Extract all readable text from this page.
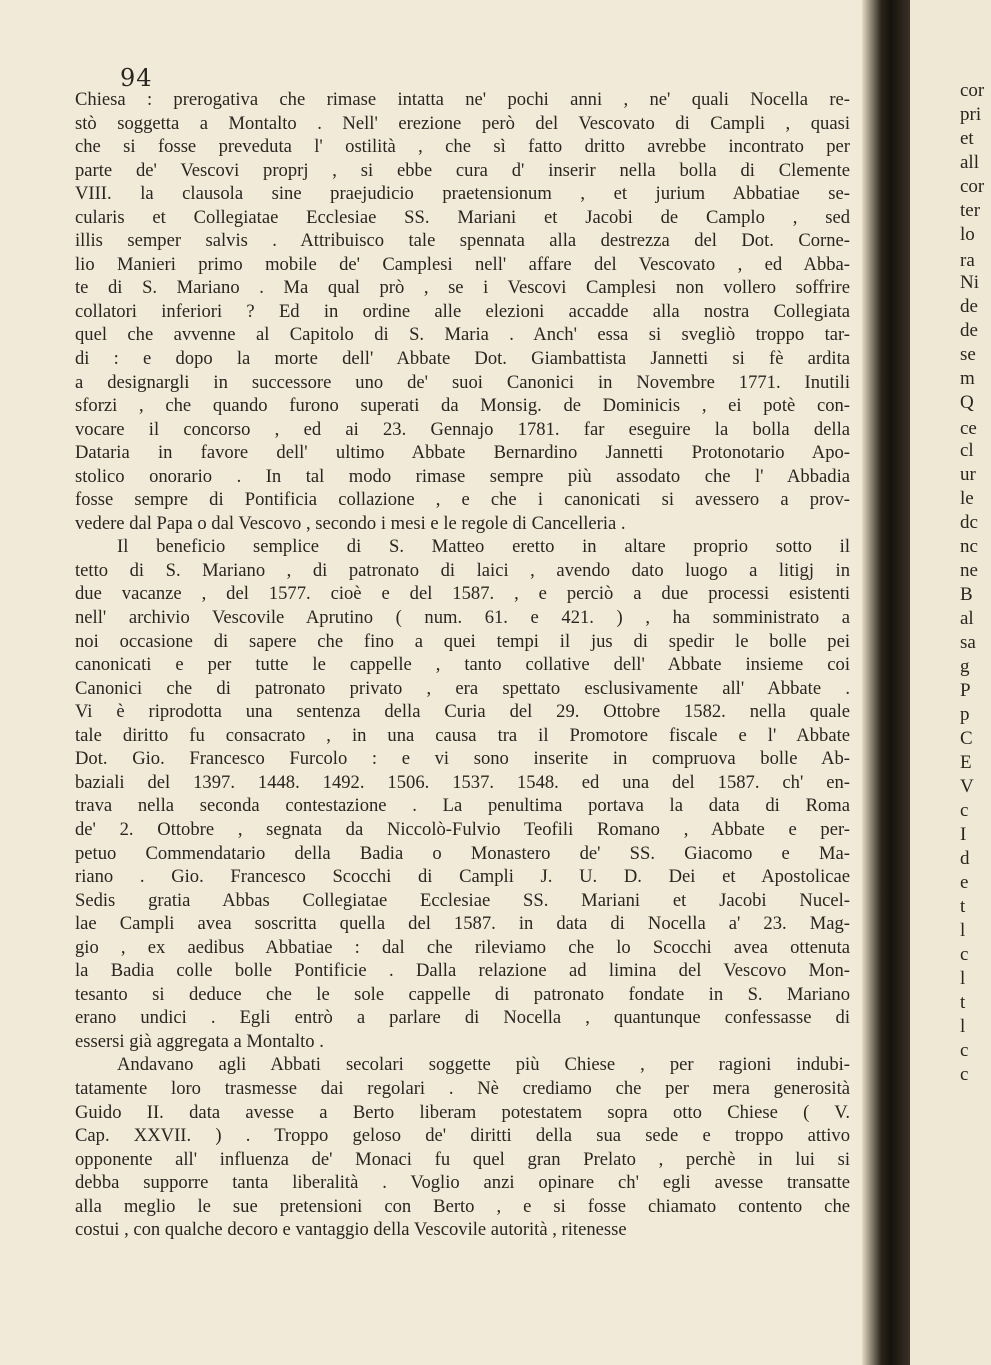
94
Chiesa : prerogativa che rimase intatta ne' pochi anni , ne' quali Nocella re-
stò soggetta a Montalto . Nell' erezione però del Vescovato di Campli , quasi
che si fosse preveduta l' ostilità , che sì fatto dritto avrebbe incontrato per
parte de' Vescovi proprj , si ebbe cura d' inserir nella bolla di Clemente
VIII. la clausola sine praejudicio praetensionum , et jurium Abbatiae se-
cularis et Collegiatae Ecclesiae SS. Mariani et Jacobi de Camplo , sed
illis semper salvis . Attribuisco tale spennata alla destrezza del Dot. Corne-
lio Manieri primo mobile de' Camplesi nell' affare del Vescovato , ed Abba-
te di S. Mariano . Ma qual prò , se i Vescovi Camplesi non vollero soffrire
collatori inferiori ? Ed in ordine alle elezioni accadde alla nostra Collegiata
quel che avvenne al Capitolo di S. Maria . Anch' essa si svegliò troppo tar-
di : e dopo la morte dell' Abbate Dot. Giambattista Jannetti si fè ardita
a designargli in successore uno de' suoi Canonici in Novembre 1771. Inutili
sforzi , che quando furono superati da Monsig. de Dominicis , ei potè con-
vocare il concorso , ed ai 23. Gennajo 1781. far eseguire la bolla della
Dataria in favore dell' ultimo Abbate Bernardino Jannetti Protonotario Apo-
stolico onorario . In tal modo rimase sempre più assodato che l' Abbadia
fosse sempre di Pontificia collazione , e che i canonicati si avessero a prov-
vedere dal Papa o dal Vescovo , secondo i mesi e le regole di Cancelleria .
Il beneficio semplice di S. Matteo eretto in altare proprio sotto il
tetto di S. Mariano , di patronato di laici , avendo dato luogo a litigj in
due vacanze , del 1577. cioè e del 1587. , e perciò a due processi esistenti
nell' archivio Vescovile Aprutino ( num. 61. e 421. ) , ha somministrato a
noi occasione di sapere che fino a quei tempi il jus di spedir le bolle pei
canonicati e per tutte le cappelle , tanto collative dell' Abbate insieme coi
Canonici che di patronato privato , era spettato esclusivamente all' Abbate .
Vi è riprodotta una sentenza della Curia del 29. Ottobre 1582. nella quale
tale diritto fu consacrato , in una causa tra il Promotore fiscale e l' Abbate
Dot. Gio. Francesco Furcolo : e vi sono inserite in compruova bolle Ab-
baziali del 1397. 1448. 1492. 1506. 1537. 1548. ed una del 1587. ch' en-
trava nella seconda contestazione . La penultima portava la data di Roma
de' 2. Ottobre , segnata da Niccolò-Fulvio Teofili Romano , Abbate e per-
petuo Commendatario della Badia o Monastero de' SS. Giacomo e Ma-
riano . Gio. Francesco Scocchi di Campli J. U. D. Dei et Apostolicae
Sedis gratia Abbas Collegiatae Ecclesiae SS. Mariani et Jacobi Nucel-
lae Campli avea soscritta quella del 1587. in data di Nocella a' 23. Mag-
gio , ex aedibus Abbatiae : dal che rileviamo che lo Scocchi avea ottenuta
la Badia colle bolle Pontificie . Dalla relazione ad limina del Vescovo Mon-
tesanto si deduce che le sole cappelle di patronato fondate in S. Mariano
erano undici . Egli entrò a parlare di Nocella , quantunque confessasse di
essersi già aggregata a Montalto .
Andavano agli Abbati secolari soggette più Chiese , per ragioni indubi-
tatamente loro trasmesse dai regolari . Nè crediamo che per mera generosità
Guido II. data avesse a Berto liberam potestatem sopra otto Chiese ( V.
Cap. XXVII. ) . Troppo geloso de' diritti della sua sede e troppo attivo
opponente all' influenza de' Monaci fu quel gran Prelato , perchè in lui si
debba supporre tanta liberalità . Voglio anzi opinare ch' egli avesse transatte
alla meglio le sue pretensioni con Berto , e si fosse chiamato contento che
costui , con qualche decoro e vantaggio della Vescovile autorità , ritenesse
cor
pri
et
all
cor
ter
lo
ra
Ni
de
de
se
m
Q
ce
cl
ur
le
dc
nc
ne
B
al
sa
g
P
p
C
E
V
c
I
d
e
t
l
c
l
t
l
c
c
